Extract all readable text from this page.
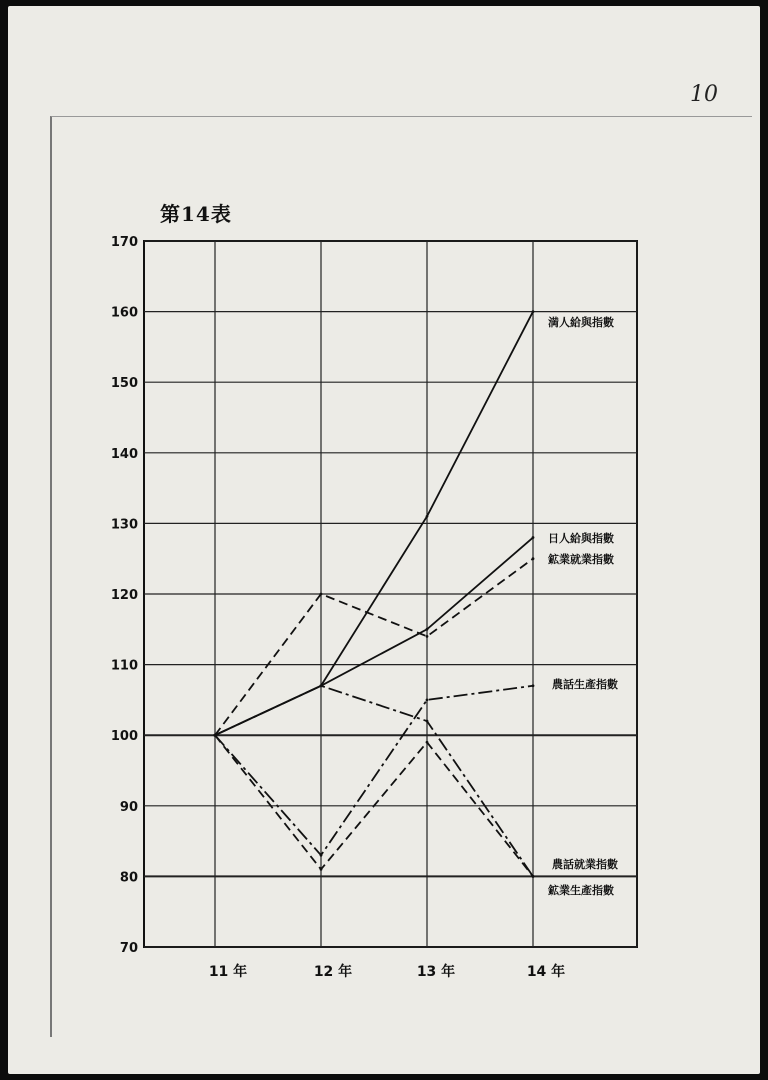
10
第14表
70
80
90
100
110
120
130
140
150
160
170
11 年	12 年	13 年	14 年
満人給與指數
日人給與指數
鉱業就業指數
農話生產指數
農話就業指數
鉱業生產指數
